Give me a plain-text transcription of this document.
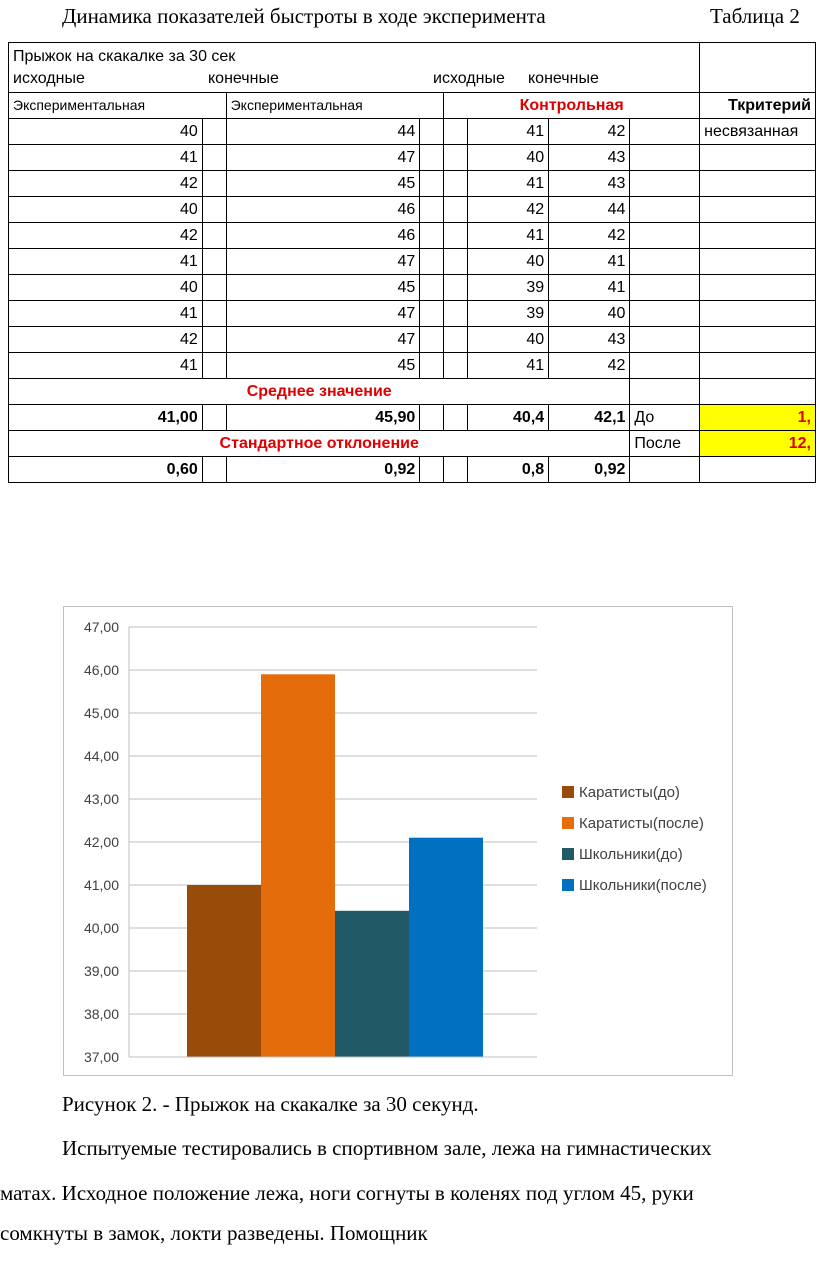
Динамика показателей быстроты в ходе эксперимента	Таблица 2
Прыжок на скакалке за 30 сек
исходные конечные исходные конечные								

Экспериментальная		Экспериментальная		Контрольная				Ткритерий
40		44			41	42		несвязанная
41		47			40	43		
42		45			41	43		
40		46			42	44		
42		46			41	42		
41		47			40	41		
40		45			39	41		
41		47			39	40		
42		47			40	43		
41		45			41	42		
Среднее значение								
41,00		45,90			40,4	42,1	До	1,
Стандартное отклонение							После	12,
0,60		0,92			0,8	0,92		
37,00
38,00
39,00
40,00
41,00
42,00
43,00
44,00
45,00
46,00
47,00
Каратисты(до)
Каратисты(после)
Школьники(до)
Школьники(после)
Рисунок 2. - Прыжок на скакалке за 30 секунд.
Испытуемые тестировались в спортивном зале, лежа на гимнастических
матах. Исходное положение лежа, ноги согнуты в коленях под углом 45, руки
сомкнуты в замок, локти разведены. Помощник
